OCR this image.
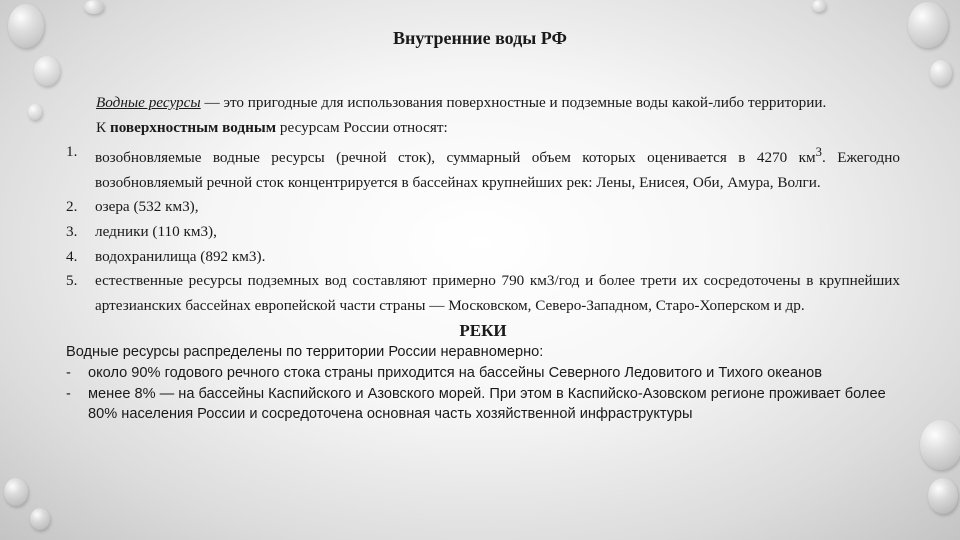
Внутренние воды РФ

Водные ресурсы — это пригодные для использования поверхностные и подземные воды какой-либо территории.

К поверхностным водным ресурсам России относят:

1. возобновляемые водные ресурсы (речной сток), суммарный объем которых оценивается в 4270 $км^3$. Ежегодно возобновляемый речной сток концентрируется в бассейнах крупнейших рек: Лены, Енисея, Оби, Амура, Волги.
2. озера (532 км3),
3. ледники (110 км3),
4. водохранилища (892 км3).
5. естественные ресурсы подземных вод составляют примерно 790 км3/год и более трети их сосредоточены в крупнейших артезианских бассейнах европейской части страны — Московском, Северо-Западном, Старо-Хоперском и др.
РЕКИ
Водные ресурсы распределены по территории России неравномерно:
- около 90% годового речного стока страны приходится на бассейны Северного Ледовитого и Тихого океанов
- менее 8% — на бассейны Каспийского и Азовского морей. При этом в Каспийско-Азовском регионе проживает более 80% населения России и сосредоточена основная часть хозяйственной инфраструктуры
